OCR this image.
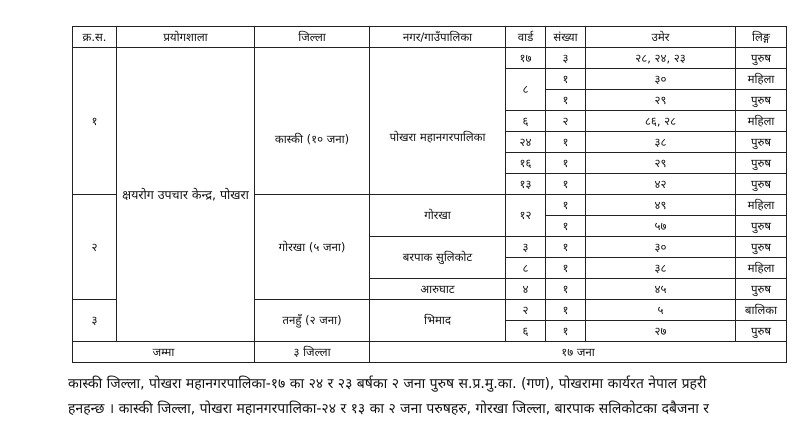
क्र.स.	प्रयोगशाला	जिल्ला	नगर/गाउँपालिका	वार्ड	संख्या	उमेर	लिङ्ग
१	क्षयरोग उपचार केन्द्र, पोखरा	कास्की (१० जना)	पोखरा महानगरपालिका	१७	३	२८, २४, २३	पुरुष
				८	१	३०	महिला
					१	२९	पुरुष
				६	२	८६, २८	महिला
				२४	१	३८	पुरुष
				१६	१	२९	पुरुष
				१३	१	४२	पुरुष
२		गोरखा (५ जना)	गोरखा	१२	१	४९	महिला
					१	५७	पुरुष
			बरपाक सुलिकोट	३	१	३०	पुरुष
				८	१	३८	महिला
			आरुघाट	४	१	४५	पुरुष
३		तनहुँ (२ जना)	भिमाद	२	१	५	बालिका
				६	१	२७	पुरुष
जम्मा		३ जिल्ला	१७ जना				
कास्की जिल्ला, पोखरा महानगरपालिका-१७ का २४ र २३ बर्षका २ जना पुरुष स.प्र.मु.का. (गण), पोखरामा कार्यरत नेपाल प्रहरी
हनहन्छ । कास्की जिल्ला, पोखरा महानगरपालिका-२४ र १३ का २ जना परुषहरु, गोरखा जिल्ला, बारपाक सलिकोटका दबैजना र
